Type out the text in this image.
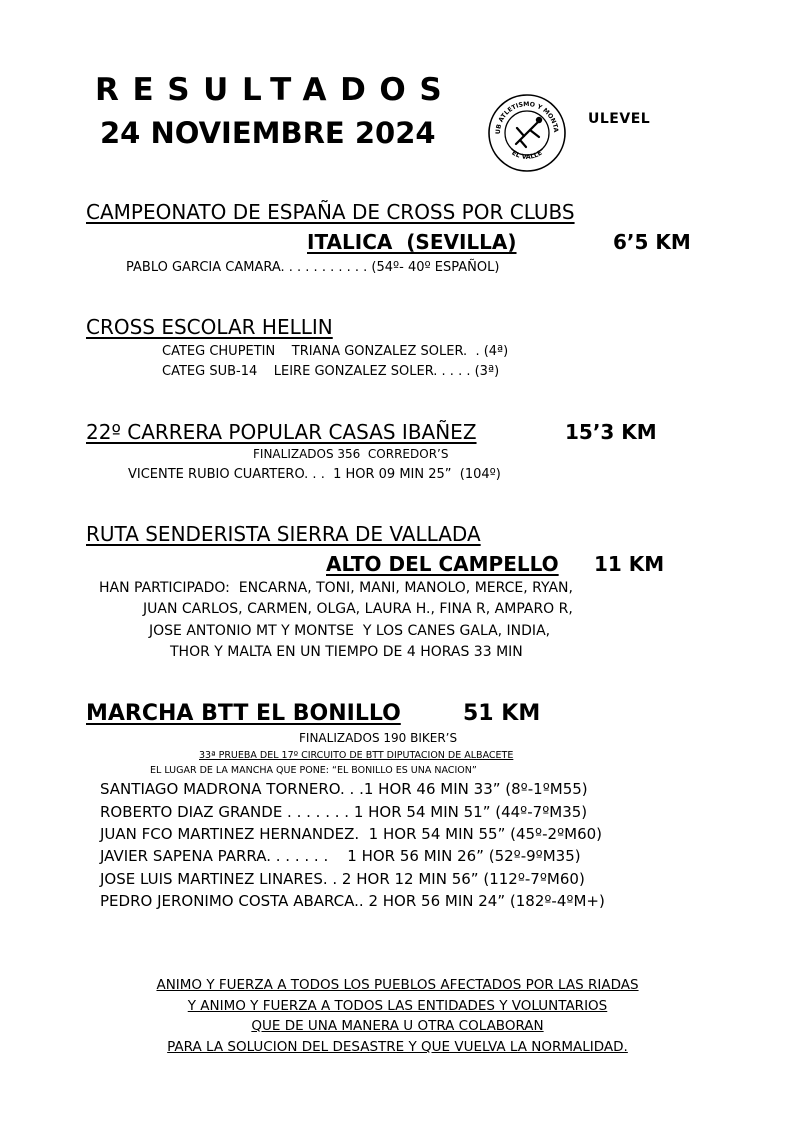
RESULTADOS
24 NOVIEMBRE 2024

	UB ATLETISMO Y MONTA
"EL VALLE"

ULEVEL
CAMPEONATO DE ESPAÑA DE CROSS POR CLUBS
ITALICA  (SEVILLA)	6’5 KM
PABLO GARCIA CAMARA. . . . . . . . . . . (54º- 40º ESPAÑOL)
CROSS ESCOLAR HELLIN
CATEG CHUPETIN    TRIANA GONZALEZ SOLER.  . (4ª)
CATEG SUB-14    LEIRE GONZALEZ SOLER. . . . . (3ª)
22º CARRERA POPULAR CASAS IBAÑEZ	15’3 KM
FINALIZADOS 356  CORREDOR’S
VICENTE RUBIO CUARTERO. . .  1 HOR 09 MIN 25”  (104º)
RUTA SENDERISTA SIERRA DE VALLADA
ALTO DEL CAMPELLO 11 KM
HAN PARTICIPADO:  ENCARNA, TONI, MANI, MANOLO, MERCE, RYAN,
JUAN CARLOS, CARMEN, OLGA, LAURA H., FINA R, AMPARO R,
JOSE ANTONIO MT Y MONTSE  Y LOS CANES GALA, INDIA,
THOR Y MALTA EN UN TIEMPO DE 4 HORAS 33 MIN
MARCHA BTT EL BONILLO	51 KM
FINALIZADOS 190 BIKER’S
33ª PRUEBA DEL 17º CIRCUITO DE BTT DIPUTACION DE ALBACETE
EL LUGAR DE LA MANCHA QUE PONE: “EL BONILLO ES UNA NACION”
SANTIAGO MADRONA TORNERO. . .1 HOR 46 MIN 33” (8º-1ºM55)
ROBERTO DIAZ GRANDE . . . . . . . 1 HOR 54 MIN 51” (44º-7ºM35)
JUAN FCO MARTINEZ HERNANDEZ.  1 HOR 54 MIN 55” (45º-2ºM60)
JAVIER SAPENA PARRA. . . . . . .    1 HOR 56 MIN 26” (52º-9ºM35)
JOSE LUIS MARTINEZ LINARES. . 2 HOR 12 MIN 56” (112º-7ºM60)
PEDRO JERONIMO COSTA ABARCA.. 2 HOR 56 MIN 24” (182º-4ºM+)
ANIMO Y FUERZA A TODOS LOS PUEBLOS AFECTADOS POR LAS RIADAS
Y ANIMO Y FUERZA A TODOS LAS ENTIDADES Y VOLUNTARIOS
QUE DE UNA MANERA U OTRA COLABORAN
PARA LA SOLUCION DEL DESASTRE Y QUE VUELVA LA NORMALIDAD.
